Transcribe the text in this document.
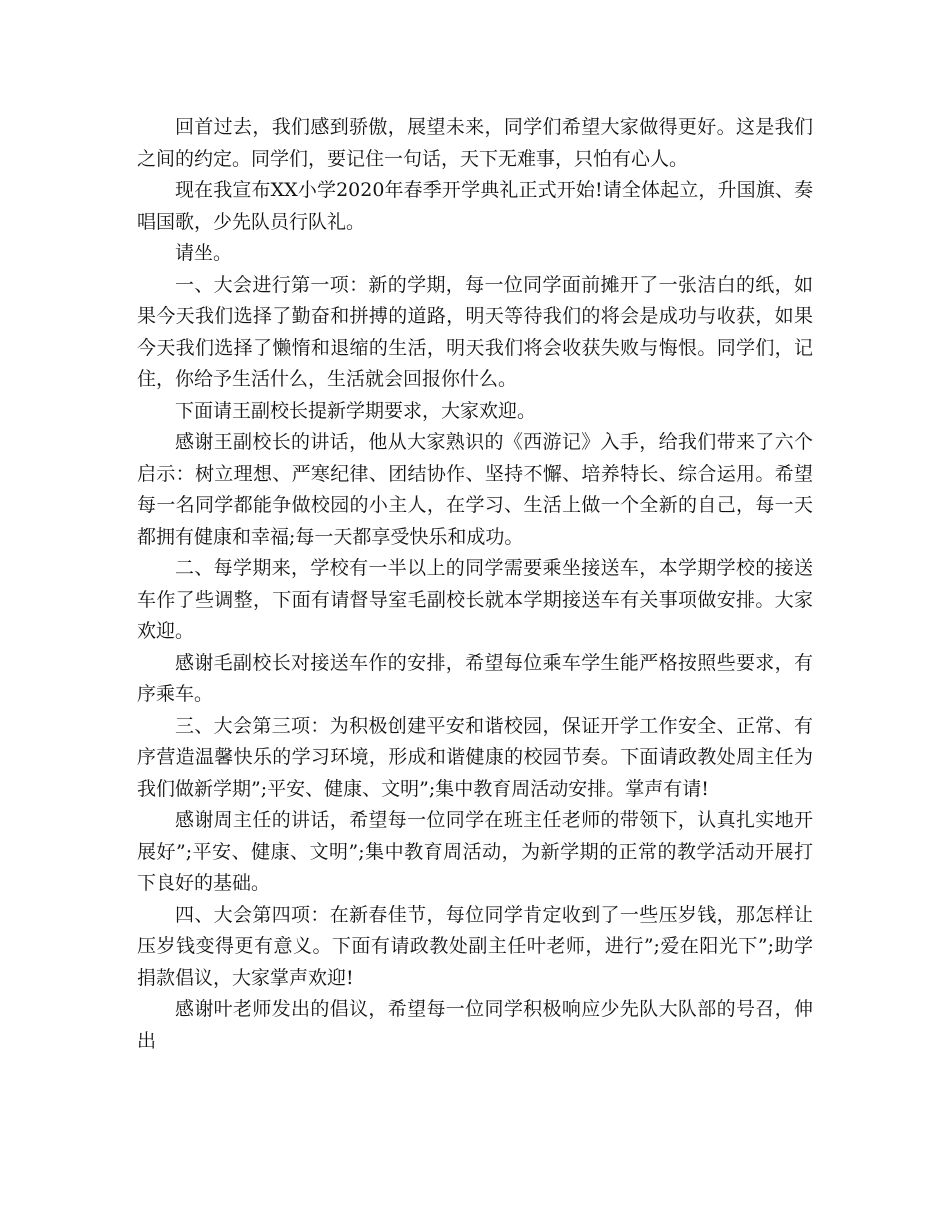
回首过去，我们感到骄傲，展望未来，同学们希望大家做得更好。这是我们之间的约定。同学们，要记住一句话，天下无难事，只怕有心人。

现在我宣布XX小学2020年春季开学典礼正式开始!请全体起立，升国旗、奏唱国歌，少先队员行队礼。

请坐。

一、大会进行第一项：新的学期，每一位同学面前摊开了一张洁白的纸，如果今天我们选择了勤奋和拼搏的道路，明天等待我们的将会是成功与收获，如果今天我们选择了懒惰和退缩的生活，明天我们将会收获失败与悔恨。同学们，记住，你给予生活什么，生活就会回报你什么。

下面请王副校长提新学期要求，大家欢迎。

感谢王副校长的讲话，他从大家熟识的《西游记》入手，给我们带来了六个启示：树立理想、严寒纪律、团结协作、坚持不懈、培养特长、综合运用。希望每一名同学都能争做校园的小主人，在学习、生活上做一个全新的自己，每一天都拥有健康和幸福;每一天都享受快乐和成功。

二、每学期来，学校有一半以上的同学需要乘坐接送车，本学期学校的接送车作了些调整，下面有请督导室毛副校长就本学期接送车有关事项做安排。大家欢迎。

感谢毛副校长对接送车作的安排，希望每位乘车学生能严格按照些要求，有序乘车。

三、大会第三项：为积极创建平安和谐校园，保证开学工作安全、正常、有序营造温馨快乐的学习环境，形成和谐健康的校园节奏。下面请政教处周主任为我们做新学期”;平安、健康、文明”;集中教育周活动安排。掌声有请!

感谢周主任的讲话，希望每一位同学在班主任老师的带领下，认真扎实地开展好”;平安、健康、文明”;集中教育周活动，为新学期的正常的教学活动开展打下良好的基础。

四、大会第四项：在新春佳节，每位同学肯定收到了一些压岁钱，那怎样让压岁钱变得更有意义。下面有请政教处副主任叶老师，进行”;爱在阳光下”;助学捐款倡议，大家掌声欢迎!

感谢叶老师发出的倡议，希望每一位同学积极响应少先队大队部的号召，伸出
